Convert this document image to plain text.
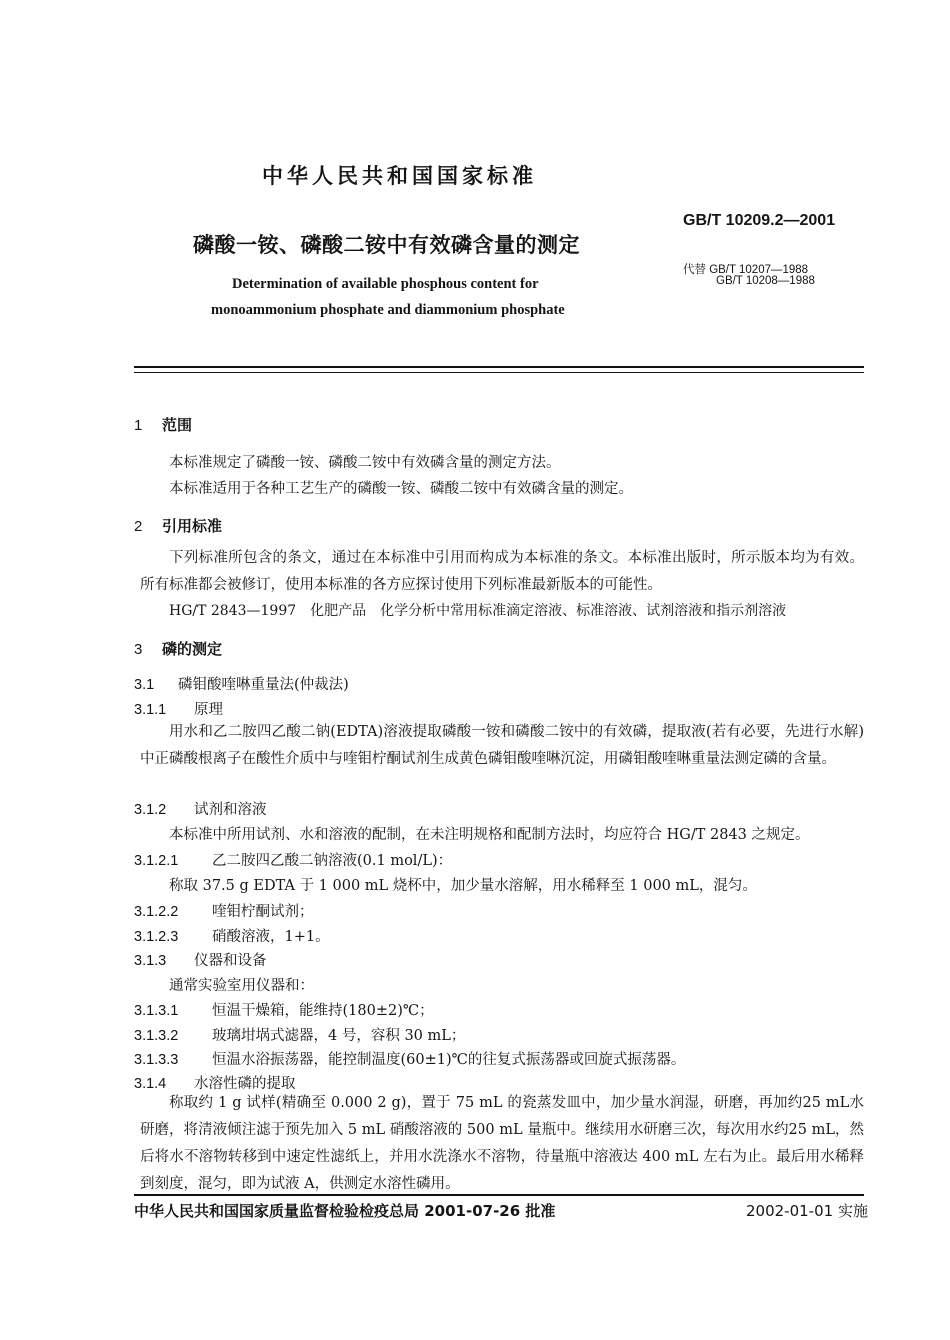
中华人民共和国国家标准
GB/T 10209.2—2001
磷酸一铵、磷酸二铵中有效磷含量的测定
代替 GB/T 10207—1988
GB/T 10208—1988
Determination of available phosphous content for
monoammonium phosphate and diammonium phosphate
1 范围
本标准规定了磷酸一铵、磷酸二铵中有效磷含量的测定方法。
本标准适用于各种工艺生产的磷酸一铵、磷酸二铵中有效磷含量的测定。
2 引用标准
下列标准所包含的条文，通过在本标准中引用而构成为本标准的条文。本标准出版时，所示版本均为有效。所有标准都会被修订，使用本标准的各方应探讨使用下列标准最新版本的可能性。
HG/T 2843—1997　化肥产品　化学分析中常用标准滴定溶液、标准溶液、试剂溶液和指示剂溶液
3 磷的测定
3.1 磷钼酸喹啉重量法(仲裁法)
3.1.1 原理
用水和乙二胺四乙酸二钠(EDTA)溶液提取磷酸一铵和磷酸二铵中的有效磷，提取液(若有必要，先进行水解)中正磷酸根离子在酸性介质中与喹钼柠酮试剂生成黄色磷钼酸喹啉沉淀，用磷钼酸喹啉重量法测定磷的含量。
3.1.2 试剂和溶液
本标准中所用试剂、水和溶液的配制，在未注明规格和配制方法时，均应符合 HG/T 2843 之规定。
3.1.2.1 乙二胺四乙酸二钠溶液(0.1 mol/L)：
称取 37.5 g EDTA 于 1 000 mL 烧杯中，加少量水溶解，用水稀释至 1 000 mL，混匀。
3.1.2.2 喹钼柠酮试剂；
3.1.2.3 硝酸溶液，1+1。
3.1.3 仪器和设备
通常实验室用仪器和：
3.1.3.1 恒温干燥箱，能维持(180±2)℃；
3.1.3.2 玻璃坩埚式滤器，4 号，容积 30 mL；
3.1.3.3 恒温水浴振荡器，能控制温度(60±1)℃的往复式振荡器或回旋式振荡器。
3.1.4 水溶性磷的提取
称取约 1 g 试样(精确至 0.000 2 g)，置于 75 mL 的瓷蒸发皿中，加少量水润湿，研磨，再加约25 mL水研磨，将清液倾注滤于预先加入 5 mL 硝酸溶液的 500 mL 量瓶中。继续用水研磨三次，每次用水约25 mL，然后将水不溶物转移到中速定性滤纸上，并用水洗涤水不溶物，待量瓶中溶液达 400 mL 左右为止。最后用水稀释到刻度，混匀，即为试液 A，供测定水溶性磷用。
中华人民共和国国家质量监督检验检疫总局 2001-07-26 批准	2002-01-01 实施
